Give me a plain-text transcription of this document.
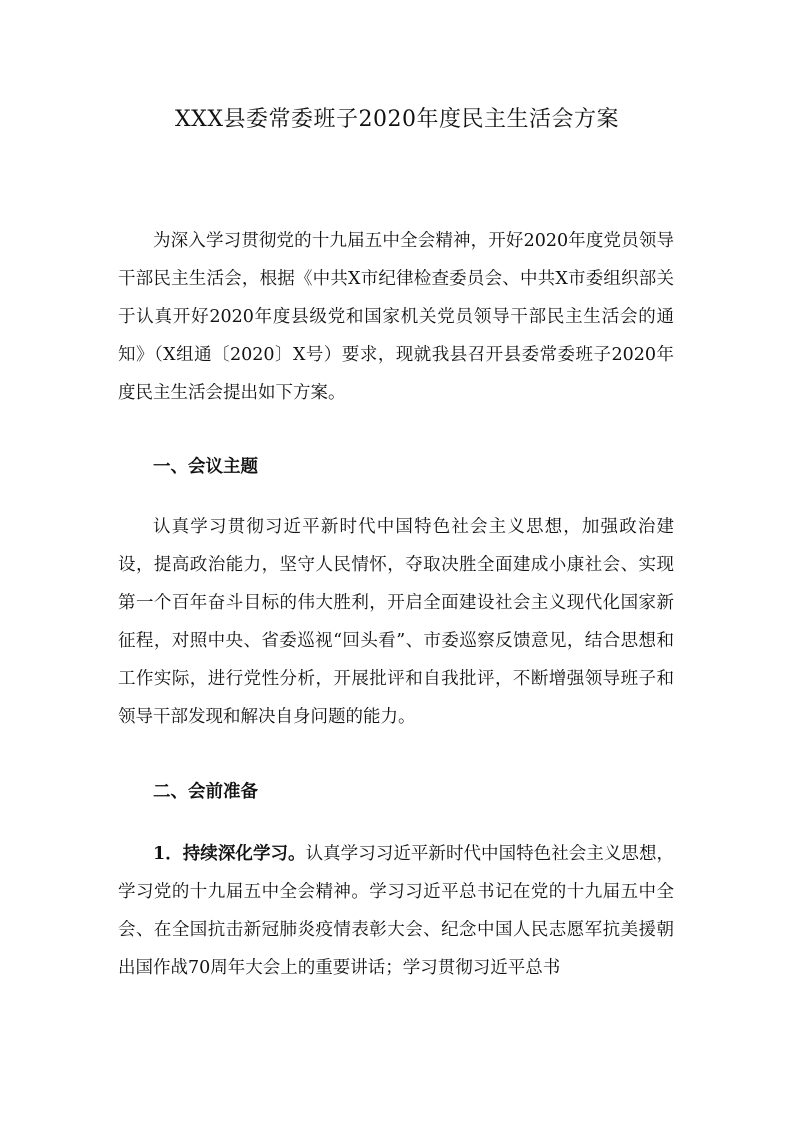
XXX县委常委班子2020年度民主生活会方案

为深入学习贯彻党的十九届五中全会精神，开好2020年度党员领导干部民主生活会，根据《中共X市纪律检查委员会、中共X市委组织部关于认真开好2020年度县级党和国家机关党员领导干部民主生活会的通知》（X组通〔2020〕X号）要求，现就我县召开县委常委班子2020年度民主生活会提出如下方案。

一、会议主题

认真学习贯彻习近平新时代中国特色社会主义思想，加强政治建设，提高政治能力，坚守人民情怀，夺取决胜全面建成小康社会、实现第一个百年奋斗目标的伟大胜利，开启全面建设社会主义现代化国家新征程，对照中央、省委巡视“回头看”、市委巡察反馈意见，结合思想和工作实际，进行党性分析，开展批评和自我批评，不断增强领导班子和领导干部发现和解决自身问题的能力。

二、会前准备

1．持续深化学习。认真学习习近平新时代中国特色社会主义思想，学习党的十九届五中全会精神。学习习近平总书记在党的十九届五中全会、在全国抗击新冠肺炎疫情表彰大会、纪念中国人民志愿军抗美援朝出国作战70周年大会上的重要讲话；学习贯彻习近平总书
